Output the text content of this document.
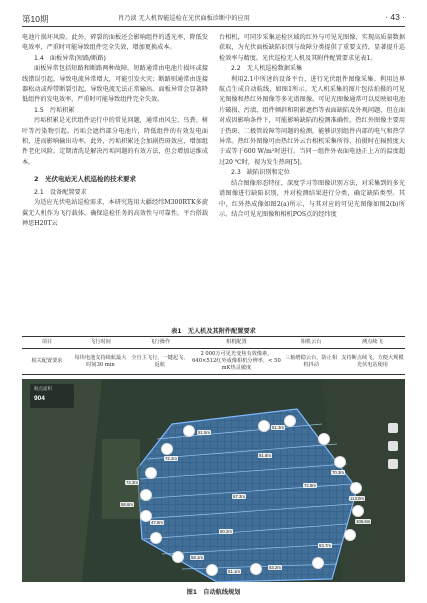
第10期	肖乃淡 无人机智能巡检在光伏面板诊断中的应用	· 43 ·

电池片损坏风险。此外，碎裂的面板还会影响组件的透光率，降低发电效率，严重时可能导致组件完全失效，增加更换成本。

1.4　面板异常(短路/断路)

面板异常包括短路和断路两种故障。短路通常由电池片损坏或接线错误引起，导致电流异常增大，可能引发火灾；断路则通常由连接器松动或焊带断裂引起，导致电流无法正常输出。面板异常会显著降低组件的发电效率，严重时可能导致组件完全失效。

1.5　污垢积累

污垢积累是光伏组件运行中的常见问题，通常由风尘、鸟粪、树叶等污染物引起。污垢会遮挡部分电池片，降低组件的有效发电面积，进而影响输出功率。此外，污垢积累还会加剧热斑效应，增加组件老化风险。定期清洗是解决污垢问题的有效方法，但会增加运维成本。

2　光伏电站无人机巡检的技术要求

2.1　设备配置要求

为适应光伏电站巡检需求，本研究选用大疆经纬M300RTK多旋翼无人机作为飞行载体，确保巡检任务的高效性与可靠性。平台搭载禅思H20T云

台相机，可同步采集运检区域的红外与可见光图像，实现高质量数据获取，为光伏面板缺陷识别与故障分类提供了重要支持，显著提升巡检效率与精度。光伏巡检无人机及其附件配置要求见表1。

2.2　无人机巡检数据采集

利用2.1中所述的设备平台，进行光伏组件图像采集。利用边界航点生成自动航线，如图1所示。无人机采集的图片包括拍摄的可见光图像和热红外图像等多光谱图像。可见光图像通常可以反映如电池片破损、污渍、组件倾斜和阴影遮挡等表面缺陷及外观问题，但在面对成因影响条件下，可能影响缺陷的检测准确性。热红外图像主要用于热斑、二极管故障等问题的检测，能够识别组件内部的电气和热学异常。热红外图像可由热红外云台相机采集所得，拍摄时在辐照度大于或等于600 W/m²时进行。当同一组件外表面电池正上方的温度超过20 ℃时，视为发生热斑[5]。

2.3　缺陷识别和定位

结合图像形态特征、深度学习等图像识别方法，对采集到的多光谱图像进行缺陷识别，并对检测结果进行分类，确定缺陷类型。其中，红外热成像如图2(a)所示，与其对应的可见光图像如图2(b)所示。结合可见光图像和相机POS点的经纬度

表1　无人机及其附件配置要求
项目	飞行时间	飞行操作	相机配置	相机云台	测点续飞
相关配置要求	每块电池支持续航最大时间30 min	全自主飞行，一键起飞、返航	2 000万可见光变焦有效像素，640×512红外成像相机分辨率，< 50 mK热灵敏度	三轴增稳云台，防止相机抖动	支持断点续飞，方便大规模光伏电站使用
航点面积
904
51.5m
51.3m
72.2m
72.3m
58.6m
70.3m
81.8m
67.3m	113.0m
72.8m
47.8m	106.6m
60.2m
58.1m
61.1m
53.2m
63.7m
图1　自动航线规划
